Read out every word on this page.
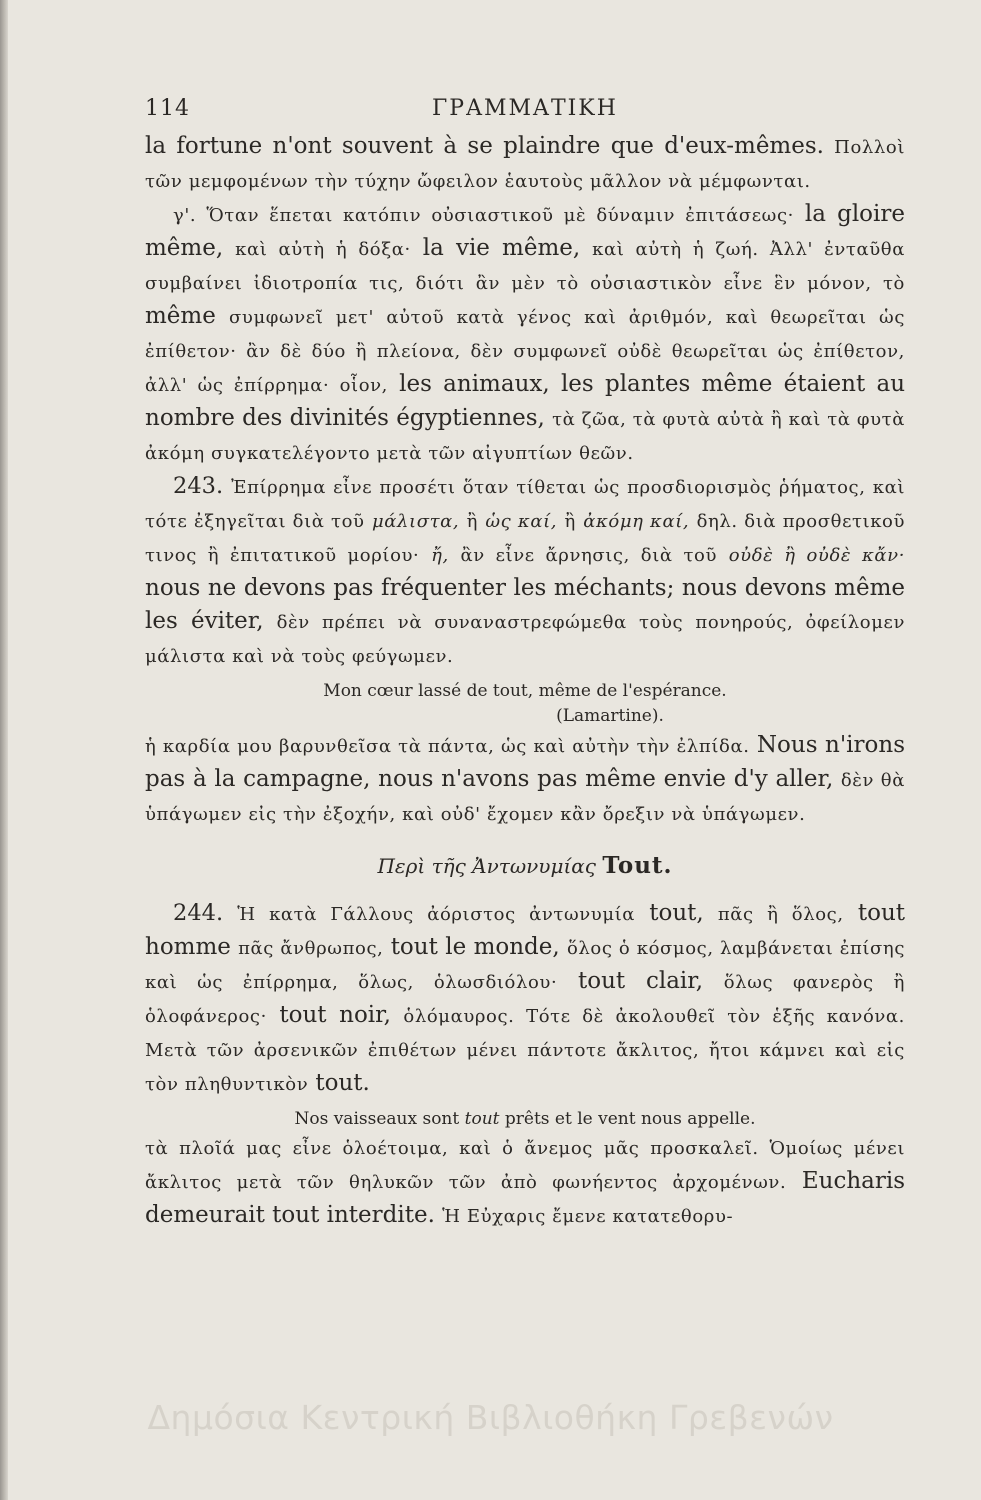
114	ΓΡΑΜΜΑΤΙΚΗ

la fortune n'ont souvent à se plaindre que d'eux-mêmes. Πολλοὶ τῶν μεμφομένων τὴν τύχην ὤφειλον ἑαυτοὺς μᾶλλον νὰ μέμφωνται.

γ'. Ὅταν ἕπεται κατόπιν οὐσιαστικοῦ μὲ δύναμιν ἐπιτάσεως· la gloire même, καὶ αὐτὴ ἡ δόξα· la vie même, καὶ αὐτὴ ἡ ζωή. Ἀλλ' ἐνταῦθα συμβαίνει ἰδιοτροπία τις, διότι ἂν μὲν τὸ οὐσιαστικὸν εἶνε ἓν μόνον, τὸ même συμφωνεῖ μετ' αὐτοῦ κατὰ γένος καὶ ἀριθμόν, καὶ θεωρεῖται ὡς ἐπίθετον· ἂν δὲ δύο ἢ πλείονα, δὲν συμφωνεῖ οὐδὲ θεωρεῖται ὡς ἐπίθετον, ἀλλ' ὡς ἐπίρρημα· οἷον, les animaux, les plantes même étaient au nombre des divinités égyptiennes, τὰ ζῶα, τὰ φυτὰ αὐτὰ ἢ καὶ τὰ φυτὰ ἀκόμη συγκατελέγοντο μετὰ τῶν αἰγυπτίων θεῶν.

243. Ἐπίρρημα εἶνε προσέτι ὅταν τίθεται ὡς προσδιορισμὸς ῥήματος, καὶ τότε ἐξηγεῖται διὰ τοῦ μάλιστα, ἢ ὡς καί, ἢ ἀκόμη καί, δηλ. διὰ προσθετικοῦ τινος ἢ ἐπιτατικοῦ μορίου· ἤ, ἂν εἶνε ἄρνησις, διὰ τοῦ οὐδὲ ἢ οὐδὲ κἄν· nous ne devons pas fréquenter les méchants; nous devons même les éviter, δὲν πρέπει νὰ συναναστρεφώμεθα τοὺς πονηρούς, ὀφείλομεν μάλιστα καὶ νὰ τοὺς φεύγωμεν.

Mon cœur lassé de tout, même de l'espérance.

(Lamartine).

ἡ καρδία μου βαρυνθεῖσα τὰ πάντα, ὡς καὶ αὐτὴν τὴν ἐλπίδα. Nous n'irons pas à la campagne, nous n'avons pas même envie d'y aller, δὲν θὰ ὑπάγωμεν εἰς τὴν ἐξοχήν, καὶ οὐδ' ἔχομεν κἂν ὄρεξιν νὰ ὑπάγωμεν.

Περὶ τῆς Ἀντωνυμίας Tout.

244. Ἡ κατὰ Γάλλους ἀόριστος ἀντωνυμία tout, πᾶς ἢ ὅλος, tout homme πᾶς ἄνθρωπος, tout le monde, ὅλος ὁ κόσμος, λαμβάνεται ἐπίσης καὶ ὡς ἐπίρρημα, ὅλως, ὁλωσδιόλου· tout clair, ὅλως φανερὸς ἢ ὁλοφάνερος· tout noir, ὁλόμαυρος. Τότε δὲ ἀκολουθεῖ τὸν ἑξῆς κανόνα. Μετὰ τῶν ἀρσενικῶν ἐπιθέτων μένει πάντοτε ἄκλιτος, ἤτοι κάμνει καὶ εἰς τὸν πληθυντικὸν tout.

Nos vaisseaux sont tout prêts et le vent nous appelle.

τὰ πλοῖά μας εἶνε ὁλοέτοιμα, καὶ ὁ ἄνεμος μᾶς προσκαλεῖ. Ὁμοίως μένει ἄκλιτος μετὰ τῶν θηλυκῶν τῶν ἀπὸ φωνήεντος ἀρχομένων. Eucharis demeurait tout interdite. Ἡ Εὐχαρις ἔμενε κατατεθορυ-

Δημόσια Κεντρική Βιβλιοθήκη Γρεβενών
